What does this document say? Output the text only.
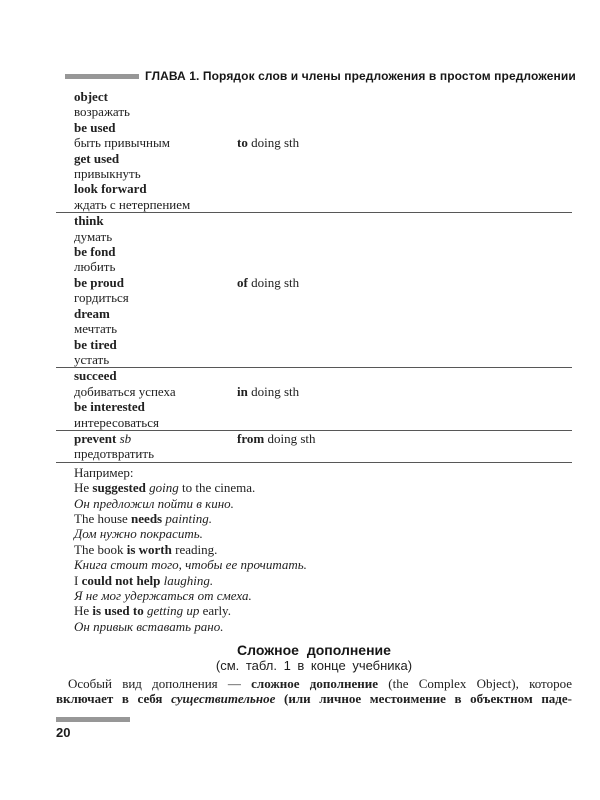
ГЛАВА 1. Порядок слов и члены предложения в простом предложении
object
возражать
be used
быть привычным	to doing sth
get used
привыкнуть
look forward
ждать с нетерпением
think
думать
be fond
любить
be proud	of doing sth
гордиться
dream
мечтать
be tired
устать
succeed
добиваться успеха	in doing sth
be interested
интересоваться
prevent sb	from doing sth
предотвратить
Например:
He suggested going to the cinema.
Он предложил пойти в кино.
The house needs painting.
Дом нужно покрасить.
The book is worth reading.
Книга стоит того, чтобы ее прочитать.
I could not help laughing.
Я не мог удержаться от смеха.
He is used to getting up early.
Он привык вставать рано.
Сложное дополнение
(см. табл. 1 в конце учебника)
Особый вид дополнения — сложное дополнение (the Complex Object), которое
включает в себя существительное (или личное местоимение в объектном паде-
20
